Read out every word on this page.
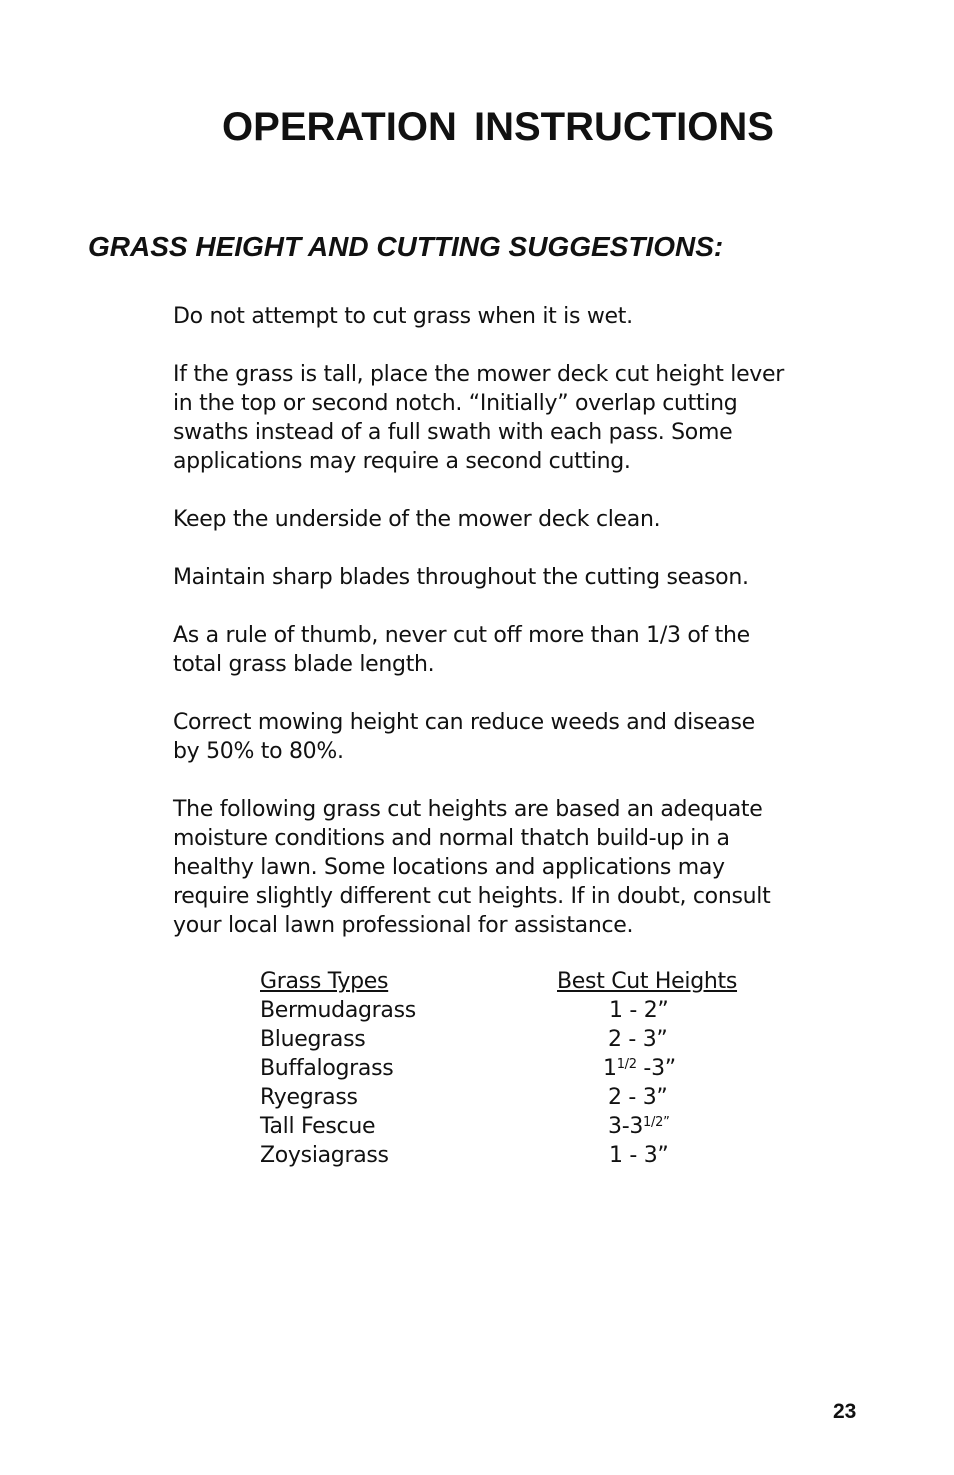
OPERATION INSTRUCTIONS
GRASS HEIGHT AND CUTTING SUGGESTIONS:

Do not attempt to cut grass when it is wet.

If the grass is tall, place the mower deck cut height lever
in the top or second notch. “Initially” overlap cutting
swaths instead of a full swath with each pass. Some
applications may require a second cutting.

Keep the underside of the mower deck clean.

Maintain sharp blades throughout the cutting season.

As a rule of thumb, never cut off more than 1/3 of the
total grass blade length.

Correct mowing height can reduce weeds and disease
by 50% to 80%.

The following grass cut heights are based an adequate
moisture conditions and normal thatch build-up in a
healthy lawn. Some locations and applications may
require slightly different cut heights. If in doubt, consult
your local lawn professional for assistance.

Grass Types	Best Cut Heights
Bermudagrass	1 - 2”
Bluegrass	2 - 3”
Buffalograss	$1^{1/2}$ -3”
Ryegrass	2 - 3”
Tall Fescue	$3-3^{1/2”}$
Zoysiagrass	1 - 3”
23
